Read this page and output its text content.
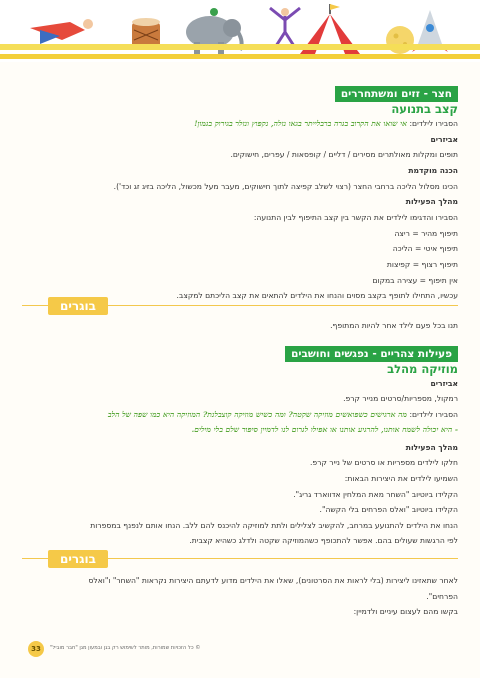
חצר - זזים ומשתחררים
קצב בתנועה
הסבירו לילדים: אי שואו את הקרוב בגרה ברבלייתר בגאו נזלה, נקפוץ ונזלר בגירוק בגמון!
אביזרים
תופים ומקלות מאולתרים מסירים / דליים / קופסאות / עפרים, חישוקים.
הכנה מוקדמת
הכינו מסלול הליכה ברחבי החצר (רצוי לשלב קפיצה לתוך חישוקים, מעבר מעל מכשול, הליכה בזיג זג וכד').
מהלך הפעילות
הסבירו והדגימו לילדים את הקשר בין קצב התיפוף לבין התנועה:
תיפוף מהיר = ריצה
תיפוף איטי = הליכה
תיפוף רצוף = קפיצות
אין תיפוף = עצירה במקום
עכשיו, התחילו לתופף בקצב מסוים והנחו את הילדים להתאים את קצב הליכתם למקצב.
בוגרים
תנו בכל פעם לילד אחר להיות המתופף.
פעילות צהריים - נפגשים וחושבים
מוזיקה מהלב
אביזרים
רמקול, מספריות/סרטים מנייר קרפ.
הסבירו לילדים: מה ארגישים כשפואשים מוזיקה שקטה? ומה כשיש מוזיקה קוצבלנת? המוזיקה היא כמו שפה של הלב
- היא יכולה לשמח אותנו, להרגיע אותנו או אפילו לגרום לנו לדמיין סיפור שלם בלי מילים.
מהלך הפעילות
חלקו לילדים מספריות או סרטים של נייר קרפ.
השמיעו לילדים את היצירות הבאות:
הקלידו ביוטיוב "השחר מאת המלחין אדווארד גריג".
הקלידו ביוטיוב "ואלס הפרחים בלי הקשה".
הנחו את הילדים להתנועע במרחב, להקשיב לצלילים ולתת למוזיקה להיכנס להם ללב. הנחו אותם לנפנף במספרות
לפי הרגשות שעולים בהם. אפשר להתכופף כשהמוזיקה שקטה ולדלג כשהיא קצבית.
בוגרים
לאחר שתאזינו ליצירות (בלי לראות את הסרטונים), שאלו את הילדים מדוע לדעתם היצירות נקראות "השחר" ו"ואלס
הפרחים".
בקשו מהם לעצום עיניים ולדמיין:
33	© כל הזכויות שמורות, מותר לשימוש רק בגן ובמעון מגן "חבר מוביל"
